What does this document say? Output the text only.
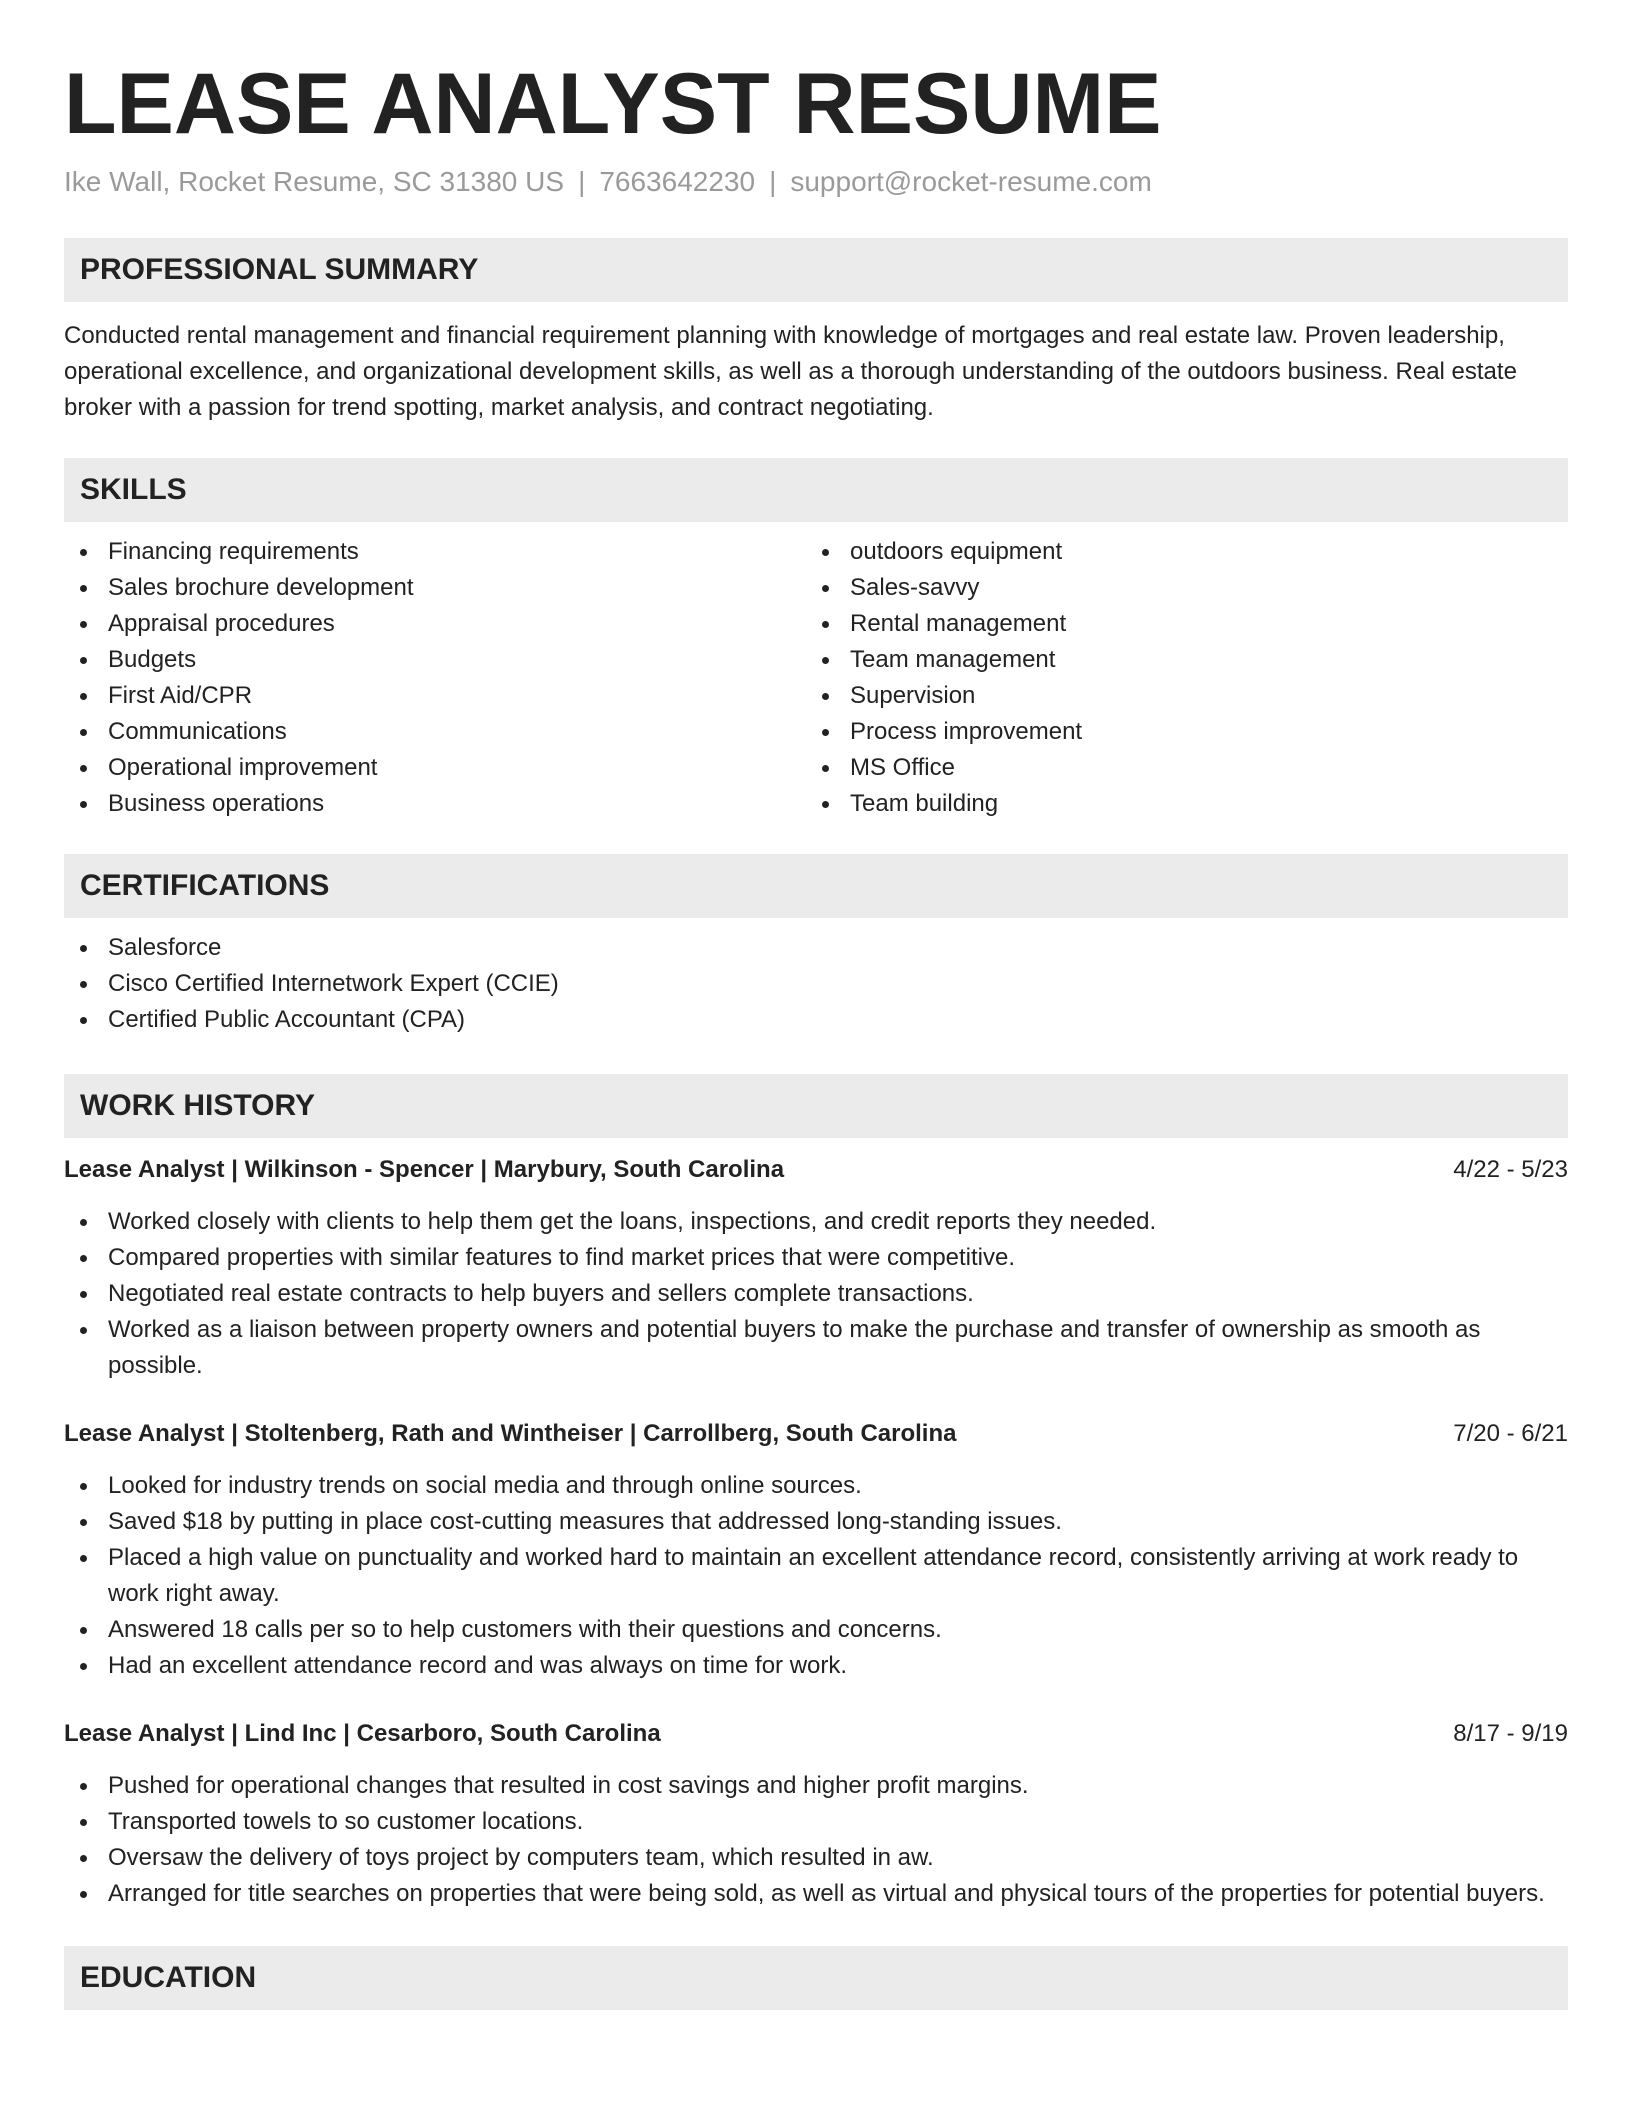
LEASE ANALYST RESUME
Ike Wall, Rocket Resume, SC 31380 US | 7663642230 | support@rocket-resume.com
PROFESSIONAL SUMMARY

Conducted rental management and financial requirement planning with knowledge of mortgages and real estate law. Proven leadership, operational excellence, and organizational development skills, as well as a thorough understanding of the outdoors business. Real estate broker with a passion for trend spotting, market analysis, and contract negotiating.

SKILLS
Financing requirements
Sales brochure development
Appraisal procedures
Budgets
First Aid/CPR
Communications
Operational improvement
Business operations
outdoors equipment
Sales-savvy
Rental management
Team management
Supervision
Process improvement
MS Office
Team building
CERTIFICATIONS
Salesforce
Cisco Certified Internetwork Expert (CCIE)
Certified Public Accountant (CPA)
WORK HISTORY
Lease Analyst | Wilkinson - Spencer | Marybury, South Carolina	4/22 - 5/23
Worked closely with clients to help them get the loans, inspections, and credit reports they needed.
Compared properties with similar features to find market prices that were competitive.
Negotiated real estate contracts to help buyers and sellers complete transactions.
Worked as a liaison between property owners and potential buyers to make the purchase and transfer of ownership as smooth as possible.
Lease Analyst | Stoltenberg, Rath and Wintheiser | Carrollberg, South Carolina	7/20 - 6/21
Looked for industry trends on social media and through online sources.
Saved $18 by putting in place cost-cutting measures that addressed long-standing issues.
Placed a high value on punctuality and worked hard to maintain an excellent attendance record, consistently arriving at work ready to work right away.
Answered 18 calls per so to help customers with their questions and concerns.
Had an excellent attendance record and was always on time for work.
Lease Analyst | Lind Inc | Cesarboro, South Carolina	8/17 - 9/19
Pushed for operational changes that resulted in cost savings and higher profit margins.
Transported towels to so customer locations.
Oversaw the delivery of toys project by computers team, which resulted in aw.
Arranged for title searches on properties that were being sold, as well as virtual and physical tours of the properties for potential buyers.
EDUCATION
